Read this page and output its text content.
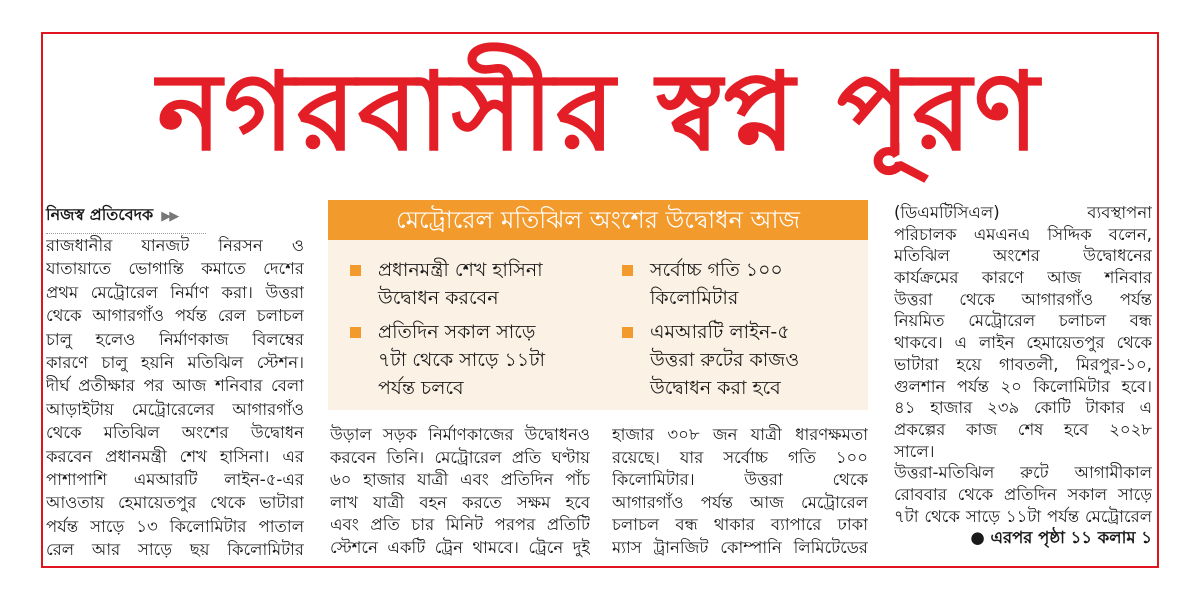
নগরবাসীর স্বপ্ন পূরণ
নিজস্ব প্রতিবেদক ▶▶
রাজধানীর যানজট নিরসন ও
যাতায়াতে ভোগান্তি কমাতে দেশের
প্রথম মেট্রোরেল নির্মাণ করা। উত্তরা
থেকে আগারগাঁও পর্যন্ত রেল চলাচল
চালু হলেও নির্মাণকাজ বিলম্বের
কারণে চালু হয়নি মতিঝিল স্টেশন।
দীর্ঘ প্রতীক্ষার পর আজ শনিবার বেলা
আড়াইটায় মেট্রোরেলের আগারগাঁও
থেকে মতিঝিল অংশের উদ্বোধন
করবেন প্রধানমন্ত্রী শেখ হাসিনা। এর
পাশাপাশি এমআরটি লাইন-৫-এর
আওতায় হেমায়েতপুর থেকে ভাটারা
পর্যন্ত সাড়ে ১৩ কিলোমিটার পাতাল
রেল আর সাড়ে ছয় কিলোমিটার
মেট্রোরেল মতিঝিল অংশের উদ্বোধন আজ
প্রধানমন্ত্রী শেখ হাসিনা
উদ্বোধন করবেন
প্রতিদিন সকাল সাড়ে
৭টা থেকে সাড়ে ১১টা
পর্যন্ত চলবে
সর্বোচ্চ গতি ১০০
কিলোমিটার
এমআরটি লাইন-৫
উত্তরা রুটের কাজও
উদ্বোধন করা হবে
উড়াল সড়ক নির্মাণকাজের উদ্বোধনও
করবেন তিনি। মেট্রোরেল প্রতি ঘণ্টায়
৬০ হাজার যাত্রী এবং প্রতিদিন পাঁচ
লাখ যাত্রী বহন করতে সক্ষম হবে
এবং প্রতি চার মিনিট পরপর প্রতিটি
স্টেশনে একটি ট্রেন থামবে। ট্রেনে দুই
হাজার ৩০৮ জন যাত্রী ধারণক্ষমতা
রয়েছে। যার সর্বোচ্চ গতি ১০০
কিলোমিটার। উত্তরা থেকে
আগারগাঁও পর্যন্ত আজ মেট্রোরেল
চলাচল বন্ধ থাকার ব্যাপারে ঢাকা
ম্যাস ট্রানজিট কোম্পানি লিমিটেডের
(ডিএমটিসিএল) ব্যবস্থাপনা
পরিচালক এমএনএ সিদ্দিক বলেন,
মতিঝিল অংশের উদ্বোধনের
কার্যক্রমের কারণে আজ শনিবার
উত্তরা থেকে আগারগাঁও পর্যন্ত
নিয়মিত মেট্রোরেল চলাচল বন্ধ
থাকবে। এ লাইন হেমায়েতপুর থেকে
ভাটারা হয়ে গাবতলী, মিরপুর-১০,
গুলশান পর্যন্ত ২০ কিলোমিটার হবে।
৪১ হাজার ২৩৯ কোটি টাকার এ
প্রকল্পের কাজ শেষ হবে ২০২৮
সালে।
উত্তরা-মতিঝিল রুটে আগামীকাল
রোববার থেকে প্রতিদিন সকাল সাড়ে
৭টা থেকে সাড়ে ১১টা পর্যন্ত মেট্রোরেল
● এরপর পৃষ্ঠা ১১ কলাম ১
